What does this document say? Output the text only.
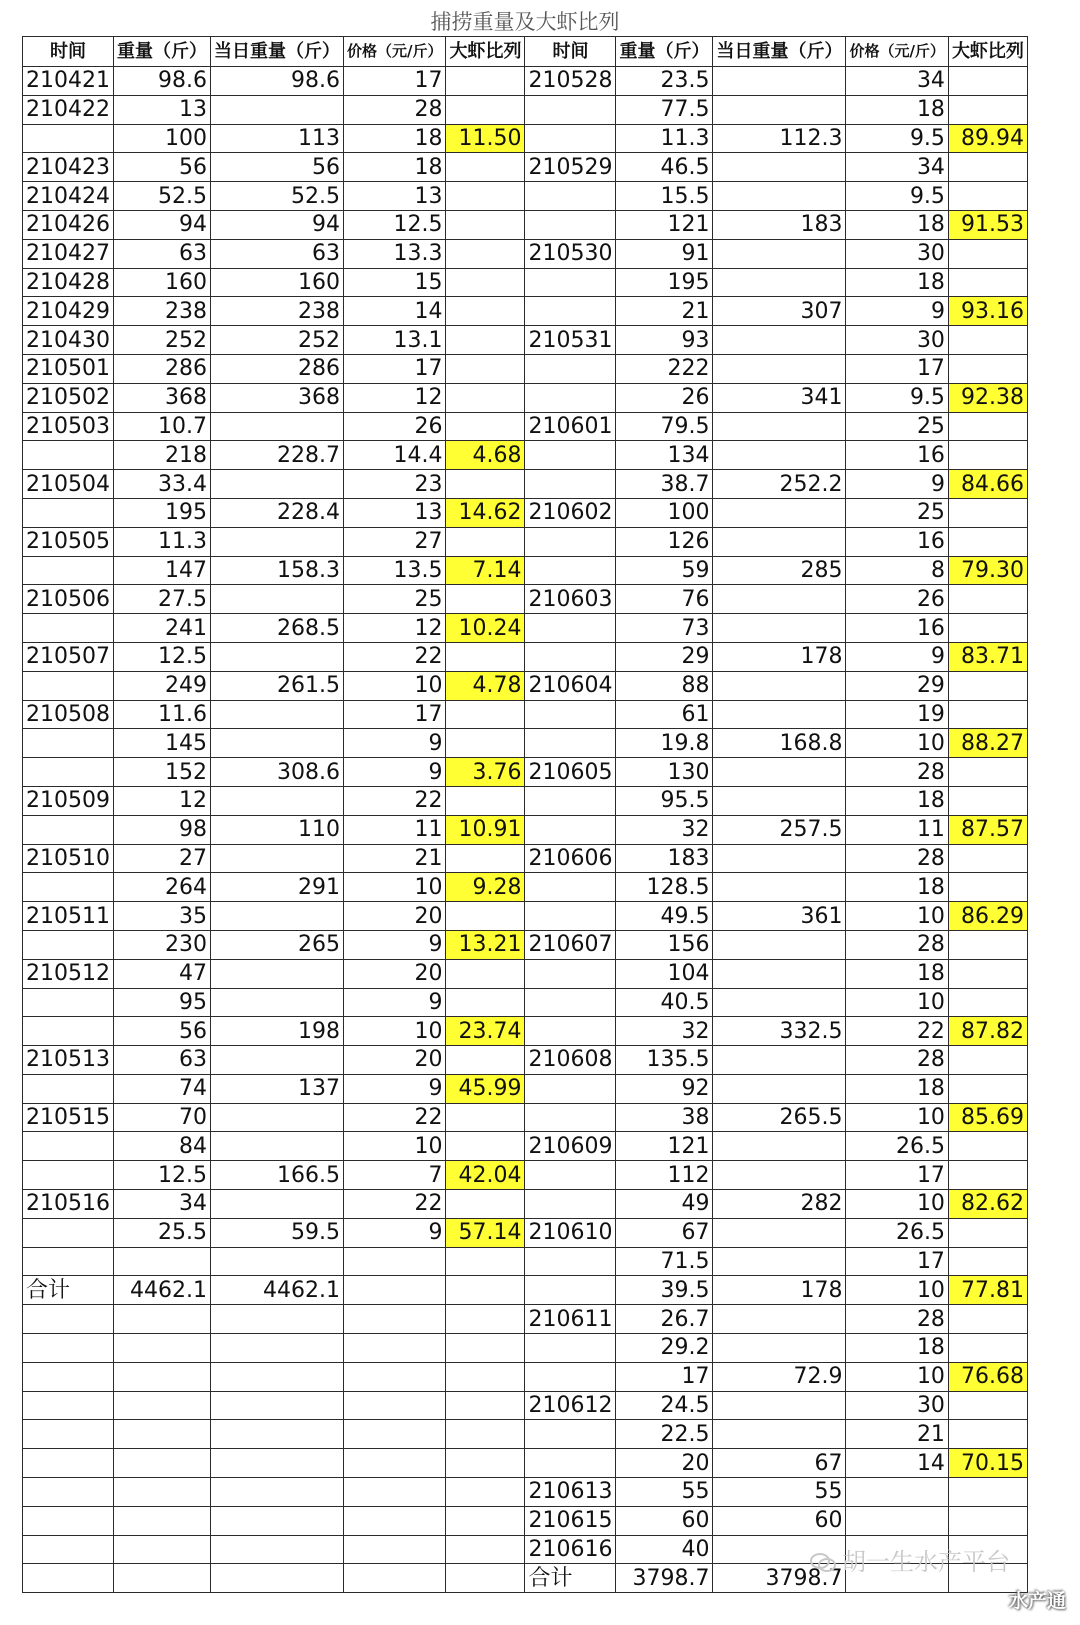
捕捞重量及大虾比列									
时间	重量（斤）	当日重量（斤）	价格（元/斤）	大虾比列	时间	重量（斤）	当日重量（斤）	价格（元/斤）	大虾比列
210421	98.6	98.6	17		210528	23.5		34	
210422	13		28			77.5		18	
	100	113	18	11.50		11.3	112.3	9.5	89.94
210423	56	56	18		210529	46.5		34	
210424	52.5	52.5	13			15.5		9.5	
210426	94	94	12.5			121	183	18	91.53
210427	63	63	13.3		210530	91		30	
210428	160	160	15			195		18	
210429	238	238	14			21	307	9	93.16
210430	252	252	13.1		210531	93		30	
210501	286	286	17			222		17	
210502	368	368	12			26	341	9.5	92.38
210503	10.7		26		210601	79.5		25	
	218	228.7	14.4	4.68		134		16	
210504	33.4		23			38.7	252.2	9	84.66
	195	228.4	13	14.62	210602	100		25	
210505	11.3		27			126		16	
	147	158.3	13.5	7.14		59	285	8	79.30
210506	27.5		25		210603	76		26	
	241	268.5	12	10.24		73		16	
210507	12.5		22			29	178	9	83.71
	249	261.5	10	4.78	210604	88		29	
210508	11.6		17			61		19	
	145		9			19.8	168.8	10	88.27
	152	308.6	9	3.76	210605	130		28	
210509	12		22			95.5		18	
	98	110	11	10.91		32	257.5	11	87.57
210510	27		21		210606	183		28	
	264	291	10	9.28		128.5		18	
210511	35		20			49.5	361	10	86.29
	230	265	9	13.21	210607	156		28	
210512	47		20			104		18	
	95		9			40.5		10	
	56	198	10	23.74		32	332.5	22	87.82
210513	63		20		210608	135.5		28	
	74	137	9	45.99		92		18	
210515	70		22			38	265.5	10	85.69
	84		10		210609	121		26.5	
	12.5	166.5	7	42.04		112		17	
210516	34		22			49	282	10	82.62
	25.5	59.5	9	57.14	210610	67		26.5	
						71.5		17	
合计	4462.1	4462.1				39.5	178	10	77.81
					210611	26.7		28	
						29.2		18	
						17	72.9	10	76.68
					210612	24.5		30	
						22.5		21	
						20	67	14	70.15
					210613	55	55		
					210615	60	60		
					210616	40			
					合计	3798.7	3798.7		
胡一生水产平台
水产通
